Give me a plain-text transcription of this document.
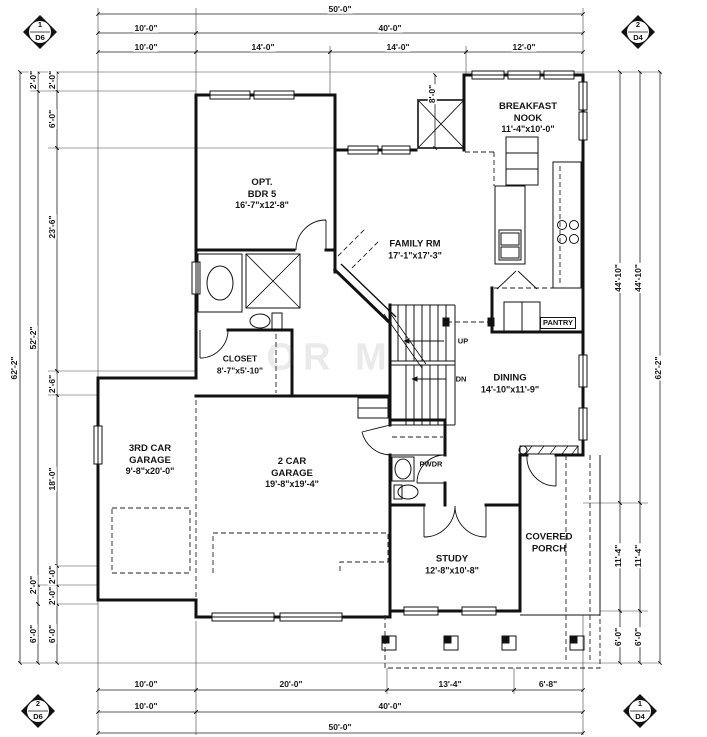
OR M
OPT.
BDR 5
16'-7"x12'-8"
FAMILY RM
17'-1"x17'-3"
BREAKFAST
NOOK
11'-4"x10'-0"
CLOSET
8'-7"x5'-10"
DINING
14'-10"x11'-9"
3RD CAR
GARAGE
9'-8"x20'-0"
2 CAR
GARAGE
19'-8"x19'-4"
STUDY
12'-8"x10'-8"
COVERED
PORCH
PWDR
PANTRY
UP
DN
50'-0"
10'-0"	40'-0"
10'-0"	14'-0"	14'-0"	12'-0"
10'-0"	20'-0"	13'-4"	6'-8"
10'-0"	40'-0"
50'-0"
62'-2"
2'-0"
52'-2"
2'-0"
6'-0"
2'-0"
6'-0"
23'-6"
2'-6"
18'-0"
2'-0"
2'-0"
6'-0"
62'-2"
44'-10" 44'-10"
11'-4" 11'-4"
6'-0" 6'-0"
8'-0"
1
D6
2
D4
2
D6
1
D4
